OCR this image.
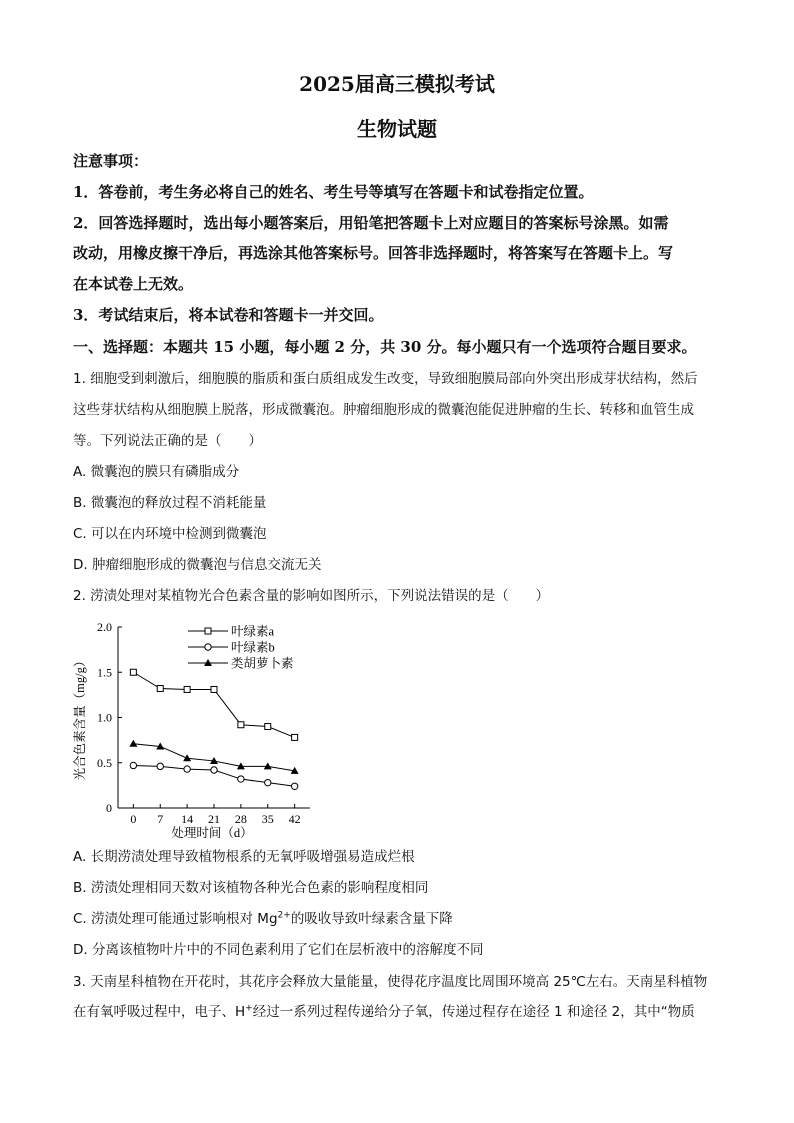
2025届高三模拟考试
生物试题
注意事项：
1．答卷前，考生务必将自己的姓名、考生号等填写在答题卡和试卷指定位置。
2．回答选择题时，选出每小题答案后，用铅笔把答题卡上对应题目的答案标号涂黑。如需
改动，用橡皮擦干净后，再选涂其他答案标号。回答非选择题时，将答案写在答题卡上。写
在本试卷上无效。
3．考试结束后，将本试卷和答题卡一并交回。
一、选择题：本题共 15 小题，每小题 2 分，共 30 分。每小题只有一个选项符合题目要求。
1. 细胞受到刺激后，细胞膜的脂质和蛋白质组成发生改变，导致细胞膜局部向外突出形成芽状结构，然后
这些芽状结构从细胞膜上脱落，形成微囊泡。肿瘤细胞形成的微囊泡能促进肿瘤的生长、转移和血管生成
等。下列说法正确的是（　　）
A. 微囊泡的膜只有磷脂成分
B. 微囊泡的释放过程不消耗能量
C. 可以在内环境中检测到微囊泡
D. 肿瘤细胞形成的微囊泡与信息交流无关
2. 涝渍处理对某植物光合色素含量的影响如图所示，下列说法错误的是（　　）
0
0.5
1.0
1.5
2.0
0 7 14 21 28 35 42
处理时间（d）
光合色素含量（mg/g）
叶绿素a
叶绿素b
类胡萝卜素
A. 长期涝渍处理导致植物根系的无氧呼吸增强易造成烂根
B. 涝渍处理相同天数对该植物各种光合色素的影响程度相同
C. 涝渍处理可能通过影响根对 $Mg^{2+}$的吸收导致叶绿素含量下降
D. 分离该植物叶片中的不同色素利用了它们在层析液中的溶解度不同
3. 天南星科植物在开花时，其花序会释放大量能量，使得花序温度比周围环境高 25℃左右。天南星科植物
在有氧呼吸过程中，电子、H+经过一系列过程传递给分子氧，传递过程存在途径 1 和途径 2，其中“物质
